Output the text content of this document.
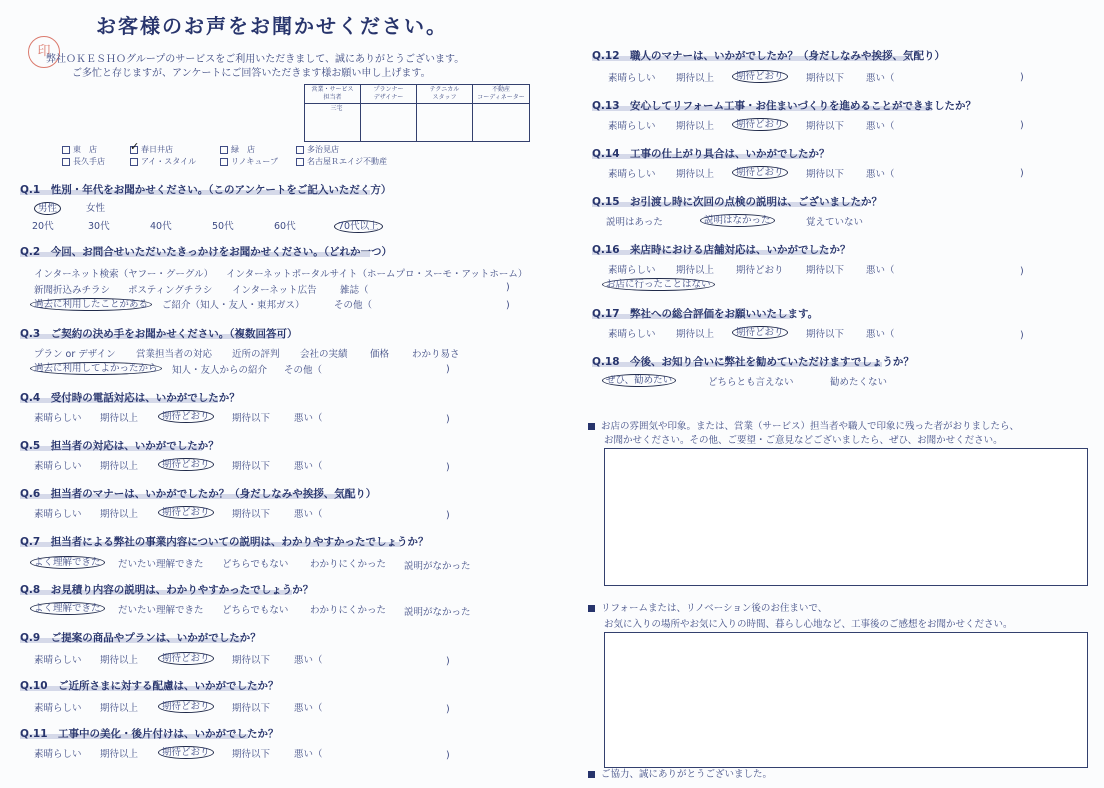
お客様のお声をお聞かせください。
印
弊社ＯＫＥＳＨＯグループのサービスをご利用いただきまして、誠にありがとうございます。
ご多忙と存じますが、アンケートにご回答いただきます様お願い申し上げます。
営業・サービス
担当者
プランナー
デザイナー
テクニカル
スタッフ
不動産
コーディネーター
三宅
東　店
✓	春日井店	緑　店	多治見店
長久手店	アイ・スタイル	リノキューブ	名古屋Ｒエイジ不動産
Q.1　性別・年代をお聞かせください。（このアンケートをご記入いただく方）
男性	女性
20代	30代	40代	50代	60代	70代以上
Q.2　今回、お問合せいただいたきっかけをお聞かせください。（どれか一つ）
インターネット検索（ヤフー・グーグル） インターネットポータルサイト（ホームプロ・スーモ・アットホーム）
新聞折込みチラシ ポスティングチラシ インターネット広告 雑誌（	)
過去に利用したことがある	ご紹介（知人・友人・東邦ガス）	その他（	)
Q.3　ご契約の決め手をお聞かせください。（複数回答可）
プラン or デザイン 営業担当者の対応 近所の評判 会社の実績 価格 わかり易さ
過去に利用してよかったから	知人・友人からの紹介 その他（	)
Q.4　受付時の電話対応は、いかがでしたか？
素晴らしい 期待以上	期待どおり	期待以下	悪い（	)
Q.5　担当者の対応は、いかがでしたか？
素晴らしい 期待以上	期待どおり	期待以下	悪い（	)
Q.6　担当者のマナーは、いかがでしたか？（身だしなみや挨拶、気配り）
素晴らしい 期待以上	期待どおり	期待以下	悪い（	)
Q.7　担当者による弊社の事業内容についての説明は、わかりやすかったでしょうか？
よく理解できた	だいたい理解できた どちらでもない わかりにくかった 説明がなかった
Q.8　お見積り内容の説明は、わかりやすかったでしょうか？
よく理解できた	だいたい理解できた どちらでもない わかりにくかった 説明がなかった
Q.9　ご提案の商品やプランは、いかがでしたか？
素晴らしい 期待以上	期待どおり	期待以下	悪い（	)
Q.10　ご近所さまに対する配慮は、いかがでしたか？
素晴らしい 期待以上	期待どおり	期待以下	悪い（	)
Q.11　工事中の美化・後片付けは、いかがでしたか？
素晴らしい 期待以上	期待どおり	期待以下	悪い（	)
Q.12　職人のマナーは、いかがでしたか？（身だしなみや挨拶、気配り）
素晴らしい 期待以上 期待どおり	期待以下 悪い（	)
Q.13　安心してリフォーム工事・お住まいづくりを進めることができましたか？
素晴らしい 期待以上 期待どおり	期待以下 悪い（	)
Q.14　工事の仕上がり具合は、いかがでしたか？
素晴らしい 期待以上 期待どおり	期待以下 悪い（	)
Q.15　お引渡し時に次回の点検の説明は、ございましたか？
説明はあった	説明はなかった	覚えていない
Q.16　来店時における店舗対応は、いかがでしたか？
素晴らしい 期待以上 期待どおり 期待以下 悪い（	)
お店に行ったことはない
Q.17　弊社への総合評価をお願いいたします。
素晴らしい 期待以上 期待どおり	期待以下 悪い（	)
Q.18　今後、お知り合いに弊社を勧めていただけますでしょうか？
ぜひ、勧めたい	どちらとも言えない	勧めたくない
お店の雰囲気や印象。または、営業（サービス）担当者や職人で印象に残った者がおりましたら、
お聞かせください。その他、ご要望・ご意見などございましたら、ぜひ、お聞かせください。
リフォームまたは、リノベーション後のお住まいで、
お気に入りの場所やお気に入りの時間、暮らし心地など、工事後のご感想をお聞かせください。
ご協力、誠にありがとうございました。
